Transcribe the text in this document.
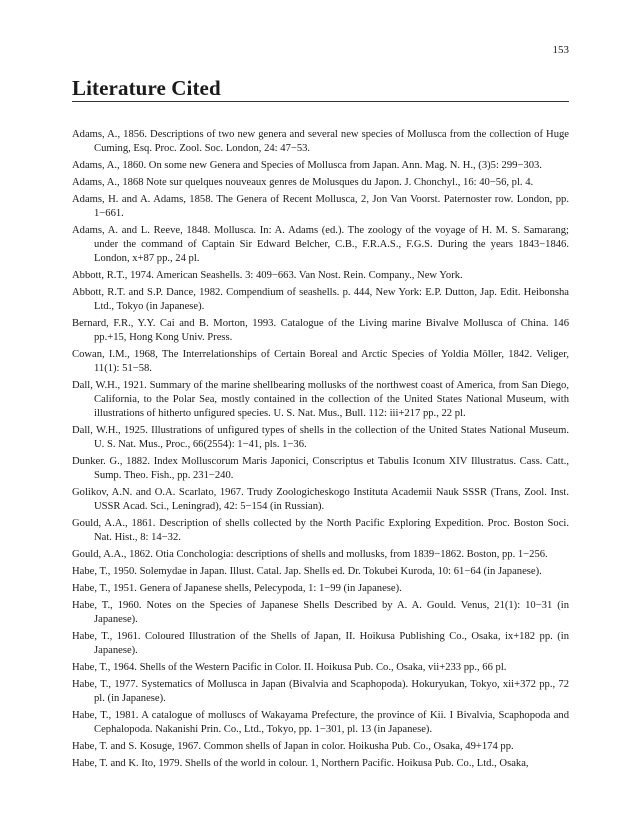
153
Literature Cited
Adams, A., 1856. Descriptions of two new genera and several new species of Mollusca from the collection of Huge Cuming, Esq. Proc. Zool. Soc. London, 24: 47−53.
Adams, A., 1860. On some new Genera and Species of Mollusca from Japan. Ann. Mag. N. H., (3)5: 299−303.
Adams, A., 1868 Note sur quelques nouveaux genres de Molusques du Japon. J. Chonchyl., 16: 40−56, pl. 4.
Adams, H. and A. Adams, 1858. The Genera of Recent Mollusca, 2, Jon Van Voorst. Paternoster row. London, pp. 1−661.
Adams, A. and L. Reeve, 1848. Mollusca. In: A. Adams (ed.). The zoology of the voyage of H. M. S. Samarang; under the command of Captain Sir Edward Belcher, C.B., F.R.A.S., F.G.S. During the years 1843−1846. London, x+87 pp., 24 pl.
Abbott, R.T., 1974. American Seashells. 3: 409−663. Van Nost. Rein. Company., New York.
Abbott, R.T. and S.P. Dance, 1982. Compendium of seashells. p. 444, New York: E.P. Dutton, Jap. Edit. Heibonsha Ltd., Tokyo (in Japanese).
Bernard, F.R., Y.Y. Cai and B. Morton, 1993. Catalogue of the Living marine Bivalve Mollusca of China. 146 pp.+15, Hong Kong Univ. Press.
Cowan, I.M., 1968, The Interrelationships of Certain Boreal and Arctic Species of Yoldia Möller, 1842. Veliger, 11(1): 51−58.
Dall, W.H., 1921. Summary of the marine shellbearing mollusks of the northwest coast of America, from San Diego, California, to the Polar Sea, mostly contained in the collection of the United States National Museum, with illustrations of hitherto unfigured species. U. S. Nat. Mus., Bull. 112: iii+217 pp., 22 pl.
Dall, W.H., 1925. Illustrations of unfigured types of shells in the collection of the United States National Museum. U. S. Nat. Mus., Proc., 66(2554): 1−41, pls. 1−36.
Dunker. G., 1882. Index Molluscorum Maris Japonici, Conscriptus et Tabulis Iconum XIV Illustratus. Cass. Catt., Sump. Theo. Fish., pp. 231−240.
Golikov, A.N. and O.A. Scarlato, 1967. Trudy Zoologicheskogo Instituta Academii Nauk SSSR (Trans, Zool. Inst. USSR Acad. Sci., Leningrad), 42: 5−154 (in Russian).
Gould, A.A., 1861. Description of shells collected by the North Pacific Exploring Expedition. Proc. Boston Soci. Nat. Hist., 8: 14−32.
Gould, A.A., 1862. Otia Conchologia: descriptions of shells and mollusks, from 1839−1862. Boston, pp. 1−256.
Habe, T., 1950. Solemydae in Japan. Illust. Catal. Jap. Shells ed. Dr. Tokubei Kuroda, 10: 61−64 (in Japanese).
Habe, T., 1951. Genera of Japanese shells, Pelecypoda, 1: 1−99 (in Japanese).
Habe, T., 1960. Notes on the Species of Japanese Shells Described by A. A. Gould. Venus, 21(1): 10−31 (in Japanese).
Habe, T., 1961. Coloured Illustration of the Shells of Japan, II. Hoikusa Publishing Co., Osaka, ix+182 pp. (in Japanese).
Habe, T., 1964. Shells of the Western Pacific in Color. II. Hoikusa Pub. Co., Osaka, vii+233 pp., 66 pl.
Habe, T., 1977. Systematics of Mollusca in Japan (Bivalvia and Scaphopoda). Hokuryukan, Tokyo, xii+372 pp., 72 pl. (in Japanese).
Habe, T., 1981. A catalogue of molluscs of Wakayama Prefecture, the province of Kii. I Bivalvia, Scaphopoda and Cephalopoda. Nakanishi Prin. Co., Ltd., Tokyo, pp. 1−301, pl. 13 (in Japanese).
Habe, T. and S. Kosuge, 1967. Common shells of Japan in color. Hoikusha Pub. Co., Osaka, 49+174 pp.
Habe, T. and K. Ito, 1979. Shells of the world in colour. 1, Northern Pacific. Hoikusa Pub. Co., Ltd., Osaka,
